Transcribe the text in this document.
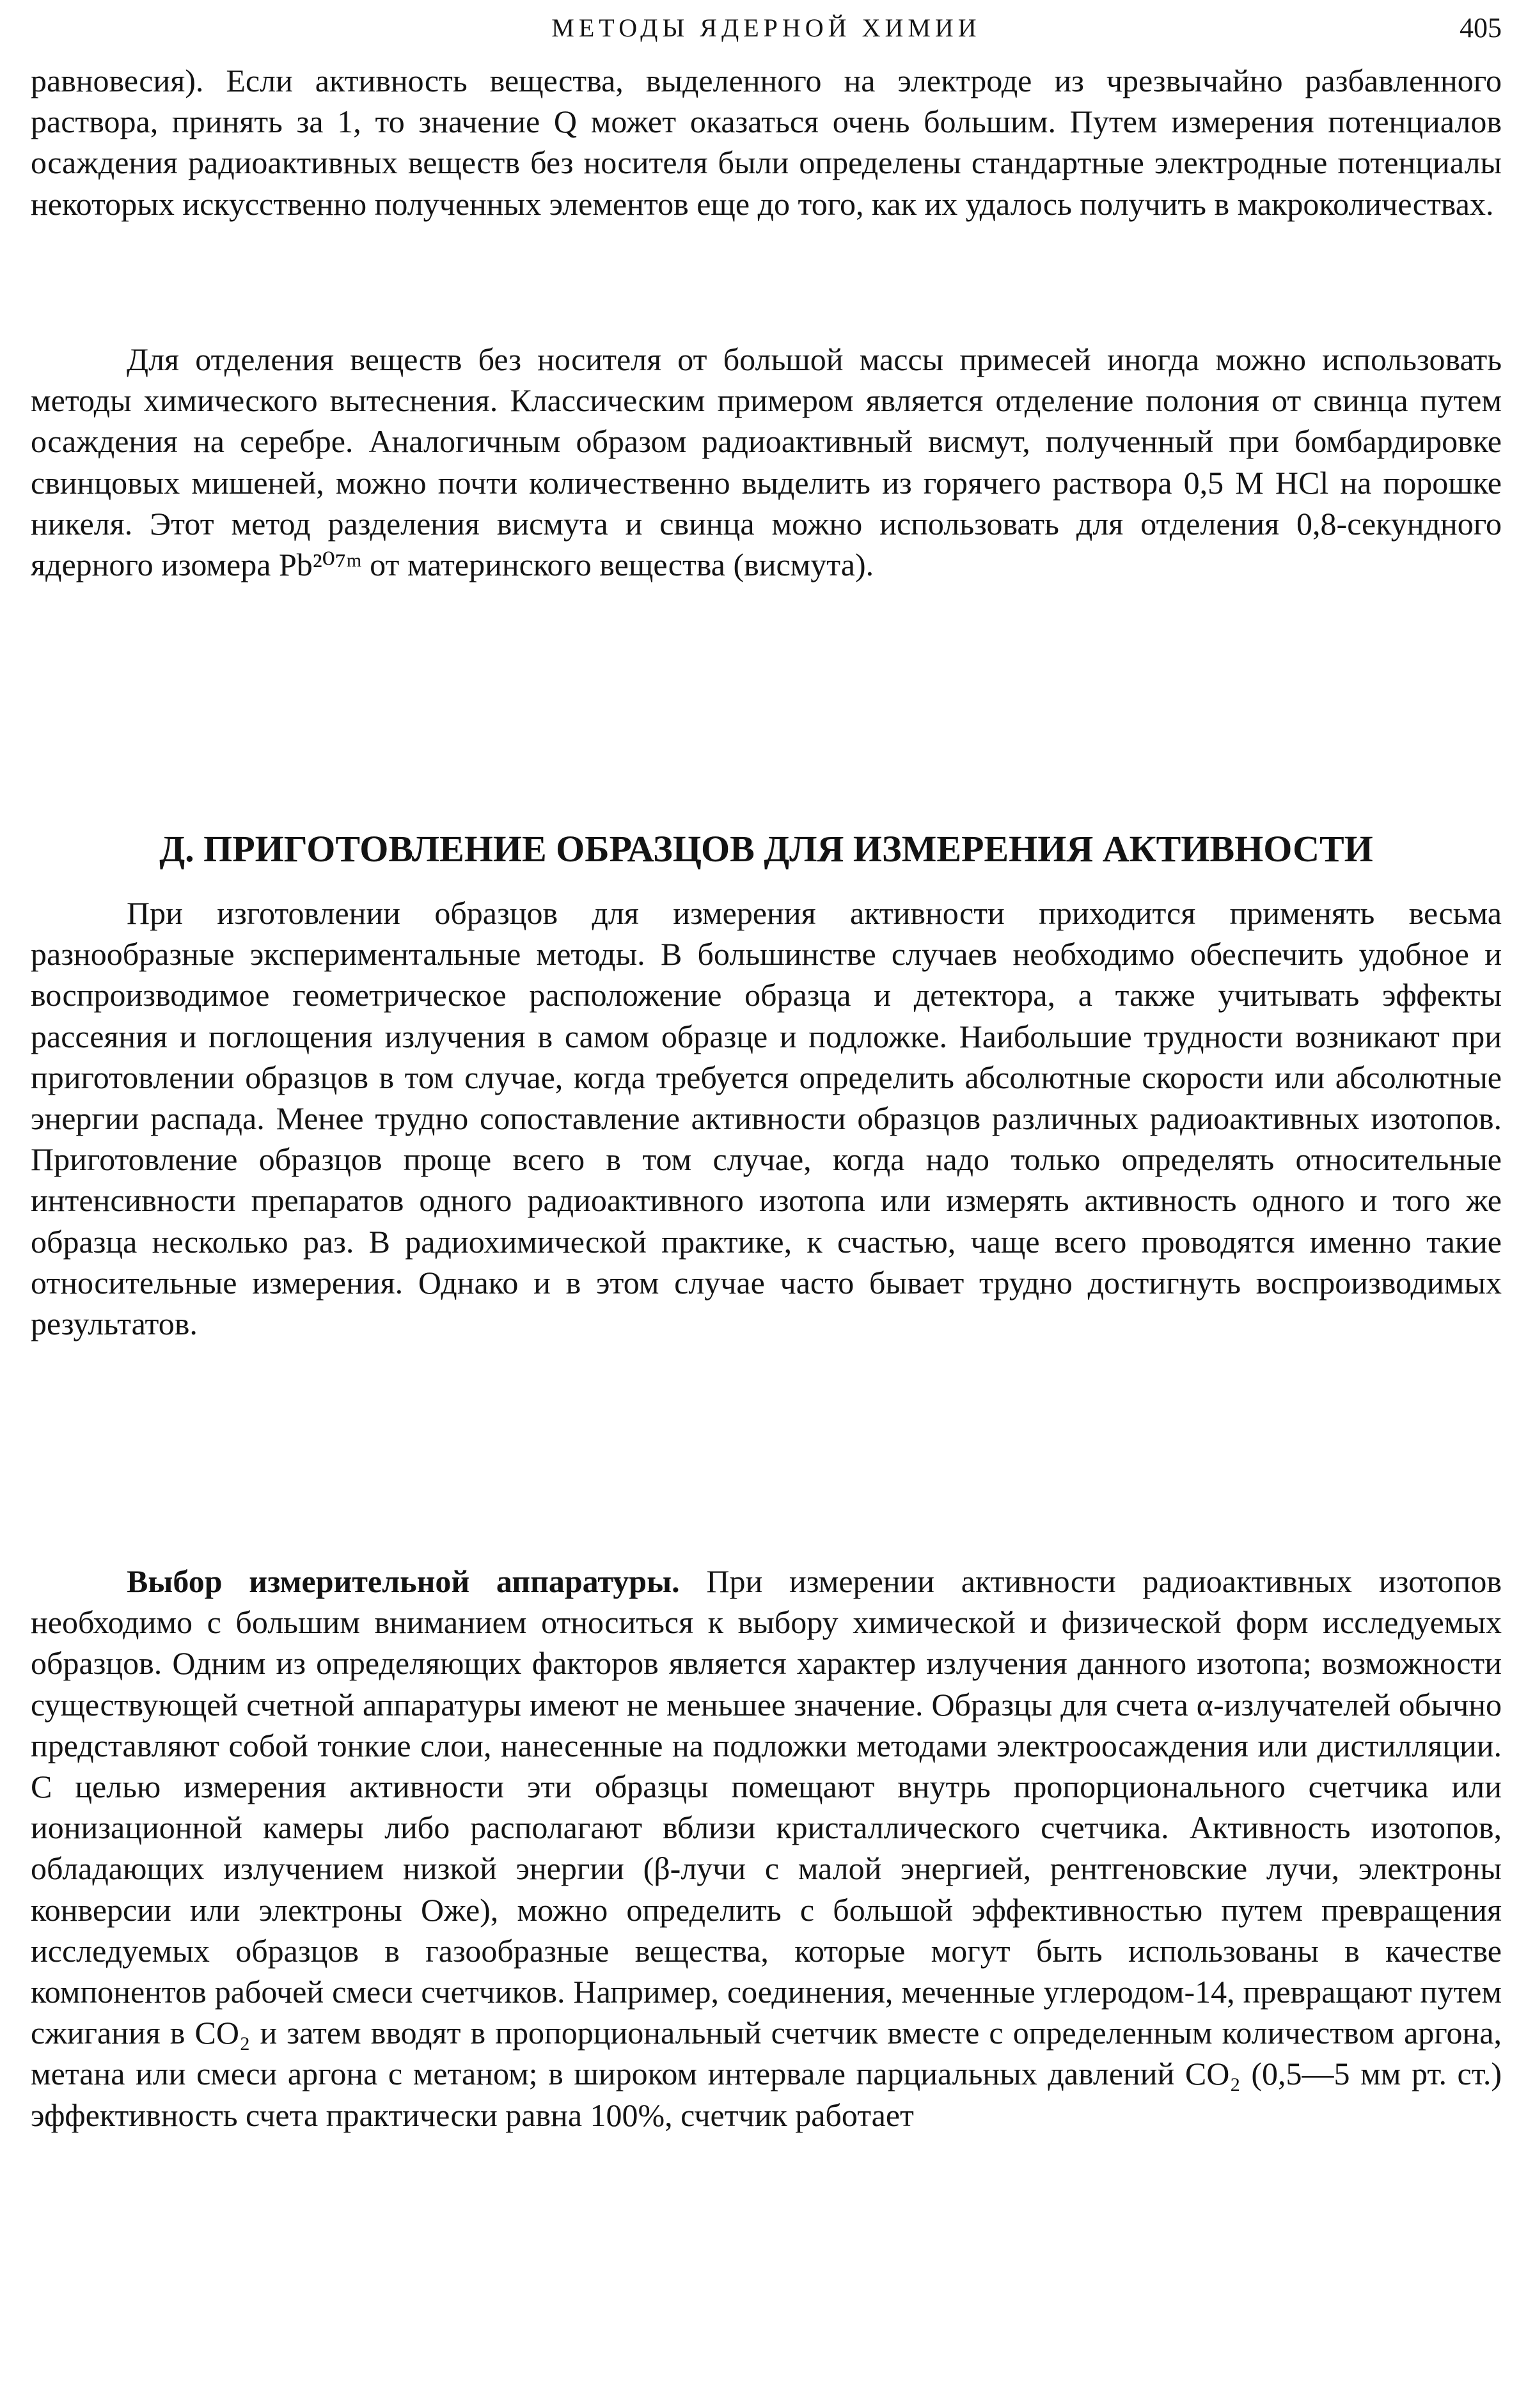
МЕТОДЫ ЯДЕРНОЙ ХИМИИ	405

равновесия). Если активность вещества, выделенного на электроде из чрезвычайно разбавленного раствора, принять за 1, то значение Q может оказаться очень большим. Путем измерения потенциалов осаждения радиоактивных веществ без носителя были определены стандартные электродные потенциалы некоторых искусственно полученных элементов еще до того, как их удалось получить в макроколичествах.

Для отделения веществ без носителя от большой массы примесей иногда можно использовать методы химического вытеснения. Классическим примером является отделение полония от свинца путем осаждения на серебре. Аналогичным образом радиоактивный висмут, полученный при бомбардировке свинцовых мишеней, можно почти количественно выделить из горячего раствора 0,5 M HCl на порошке никеля. Этот метод разделения висмута и свинца можно использовать для отделения 0,8-секундного ядерного изомера Pb²⁰⁷ᵐ от материнского вещества (висмута).

Д. ПРИГОТОВЛЕНИЕ ОБРАЗЦОВ ДЛЯ ИЗМЕРЕНИЯ АКТИВНОСТИ

При изготовлении образцов для измерения активности приходится применять весьма разнообразные экспериментальные методы. В большинстве случаев необходимо обеспечить удобное и воспроизводимое геометрическое расположение образца и детектора, а также учитывать эффекты рассеяния и поглощения излучения в самом образце и подложке. Наибольшие трудности возникают при приготовлении образцов в том случае, когда требуется определить абсолютные скорости или абсолютные энергии распада. Менее трудно сопоставление активности образцов различных радиоактивных изотопов. Приготовление образцов проще всего в том случае, когда надо только определять относительные интенсивности препаратов одного радиоактивного изотопа или измерять активность одного и того же образца несколько раз. В радиохимической практике, к счастью, чаще всего проводятся именно такие относительные измерения. Однако и в этом случае часто бывает трудно достигнуть воспроизводимых результатов.

Выбор измерительной аппаратуры. При измерении активности радиоактивных изотопов необходимо с большим вниманием относиться к выбору химической и физической форм исследуемых образцов. Одним из определяющих факторов является характер излучения данного изотопа; возможности существующей счетной аппаратуры имеют не меньшее значение. Образцы для счета α-излучателей обычно представляют собой тонкие слои, нанесенные на подложки методами электроосаждения или дистилляции. С целью измерения активности эти образцы помещают внутрь пропорционального счетчика или ионизационной камеры либо располагают вблизи кристаллического счетчика. Активность изотопов, обладающих излучением низкой энергии (β-лучи с малой энергией, рентгеновские лучи, электроны конверсии или электроны Оже), можно определить с большой эффективностью путем превращения исследуемых образцов в газообразные вещества, которые могут быть использованы в качестве компонентов рабочей смеси счетчиков. Например, соединения, меченные углеродом-14, превращают путем сжигания в CO₂ и затем вводят в пропорциональный счетчик вместе с определенным количеством аргона, метана или смеси аргона с метаном; в широком интервале парциальных давлений CO₂ (0,5—5 мм рт. ст.) эффективность счета практически равна 100%, счетчик работает
